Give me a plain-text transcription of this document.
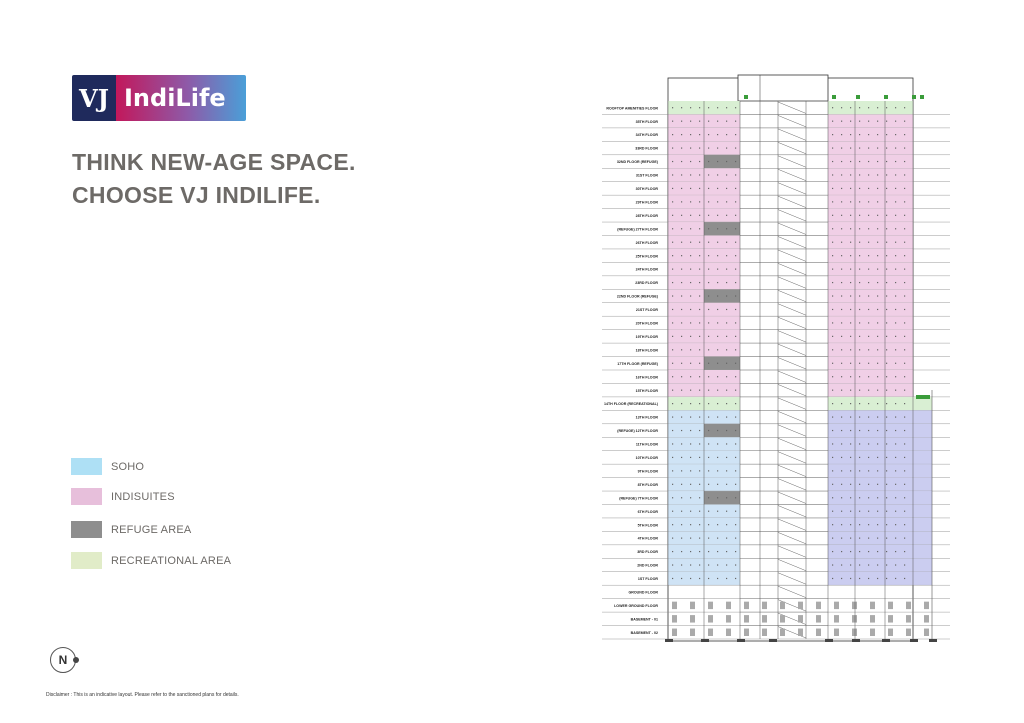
VJ IndiLife
THINK NEW-AGE SPACE.
CHOOSE VJ INDILIFE.
SOHO
INDISUITES
REFUGE AREA
RECREATIONAL AREA
N
Disclaimer : This is an indicative layout. Please refer to the sanctioned plans for details.
ROOFTOP AMENITIES FLOOR
35TH FLOOR
34TH FLOOR
33RD FLOOR
32ND FLOOR (REFUGE)
31ST FLOOR
30TH FLOOR
29TH FLOOR
28TH FLOOR
(REFUGE) 27TH FLOOR
26TH FLOOR
25TH FLOOR
24TH FLOOR
23RD FLOOR
22ND FLOOR (REFUGE)
21ST FLOOR
20TH FLOOR
19TH FLOOR
18TH FLOOR
17TH FLOOR (REFUGE)
16TH FLOOR
15TH FLOOR
14TH FLOOR (RECREATIONAL)
13TH FLOOR
(REFUGE) 12TH FLOOR
11TH FLOOR
10TH FLOOR
9TH FLOOR
8TH FLOOR
(REFUGE) 7TH FLOOR
6TH FLOOR
5TH FLOOR
4TH FLOOR
3RD FLOOR
2ND FLOOR
1ST FLOOR
GROUND FLOOR
LOWER GROUND FLOOR
BASEMENT - 01
BASEMENT - 02
